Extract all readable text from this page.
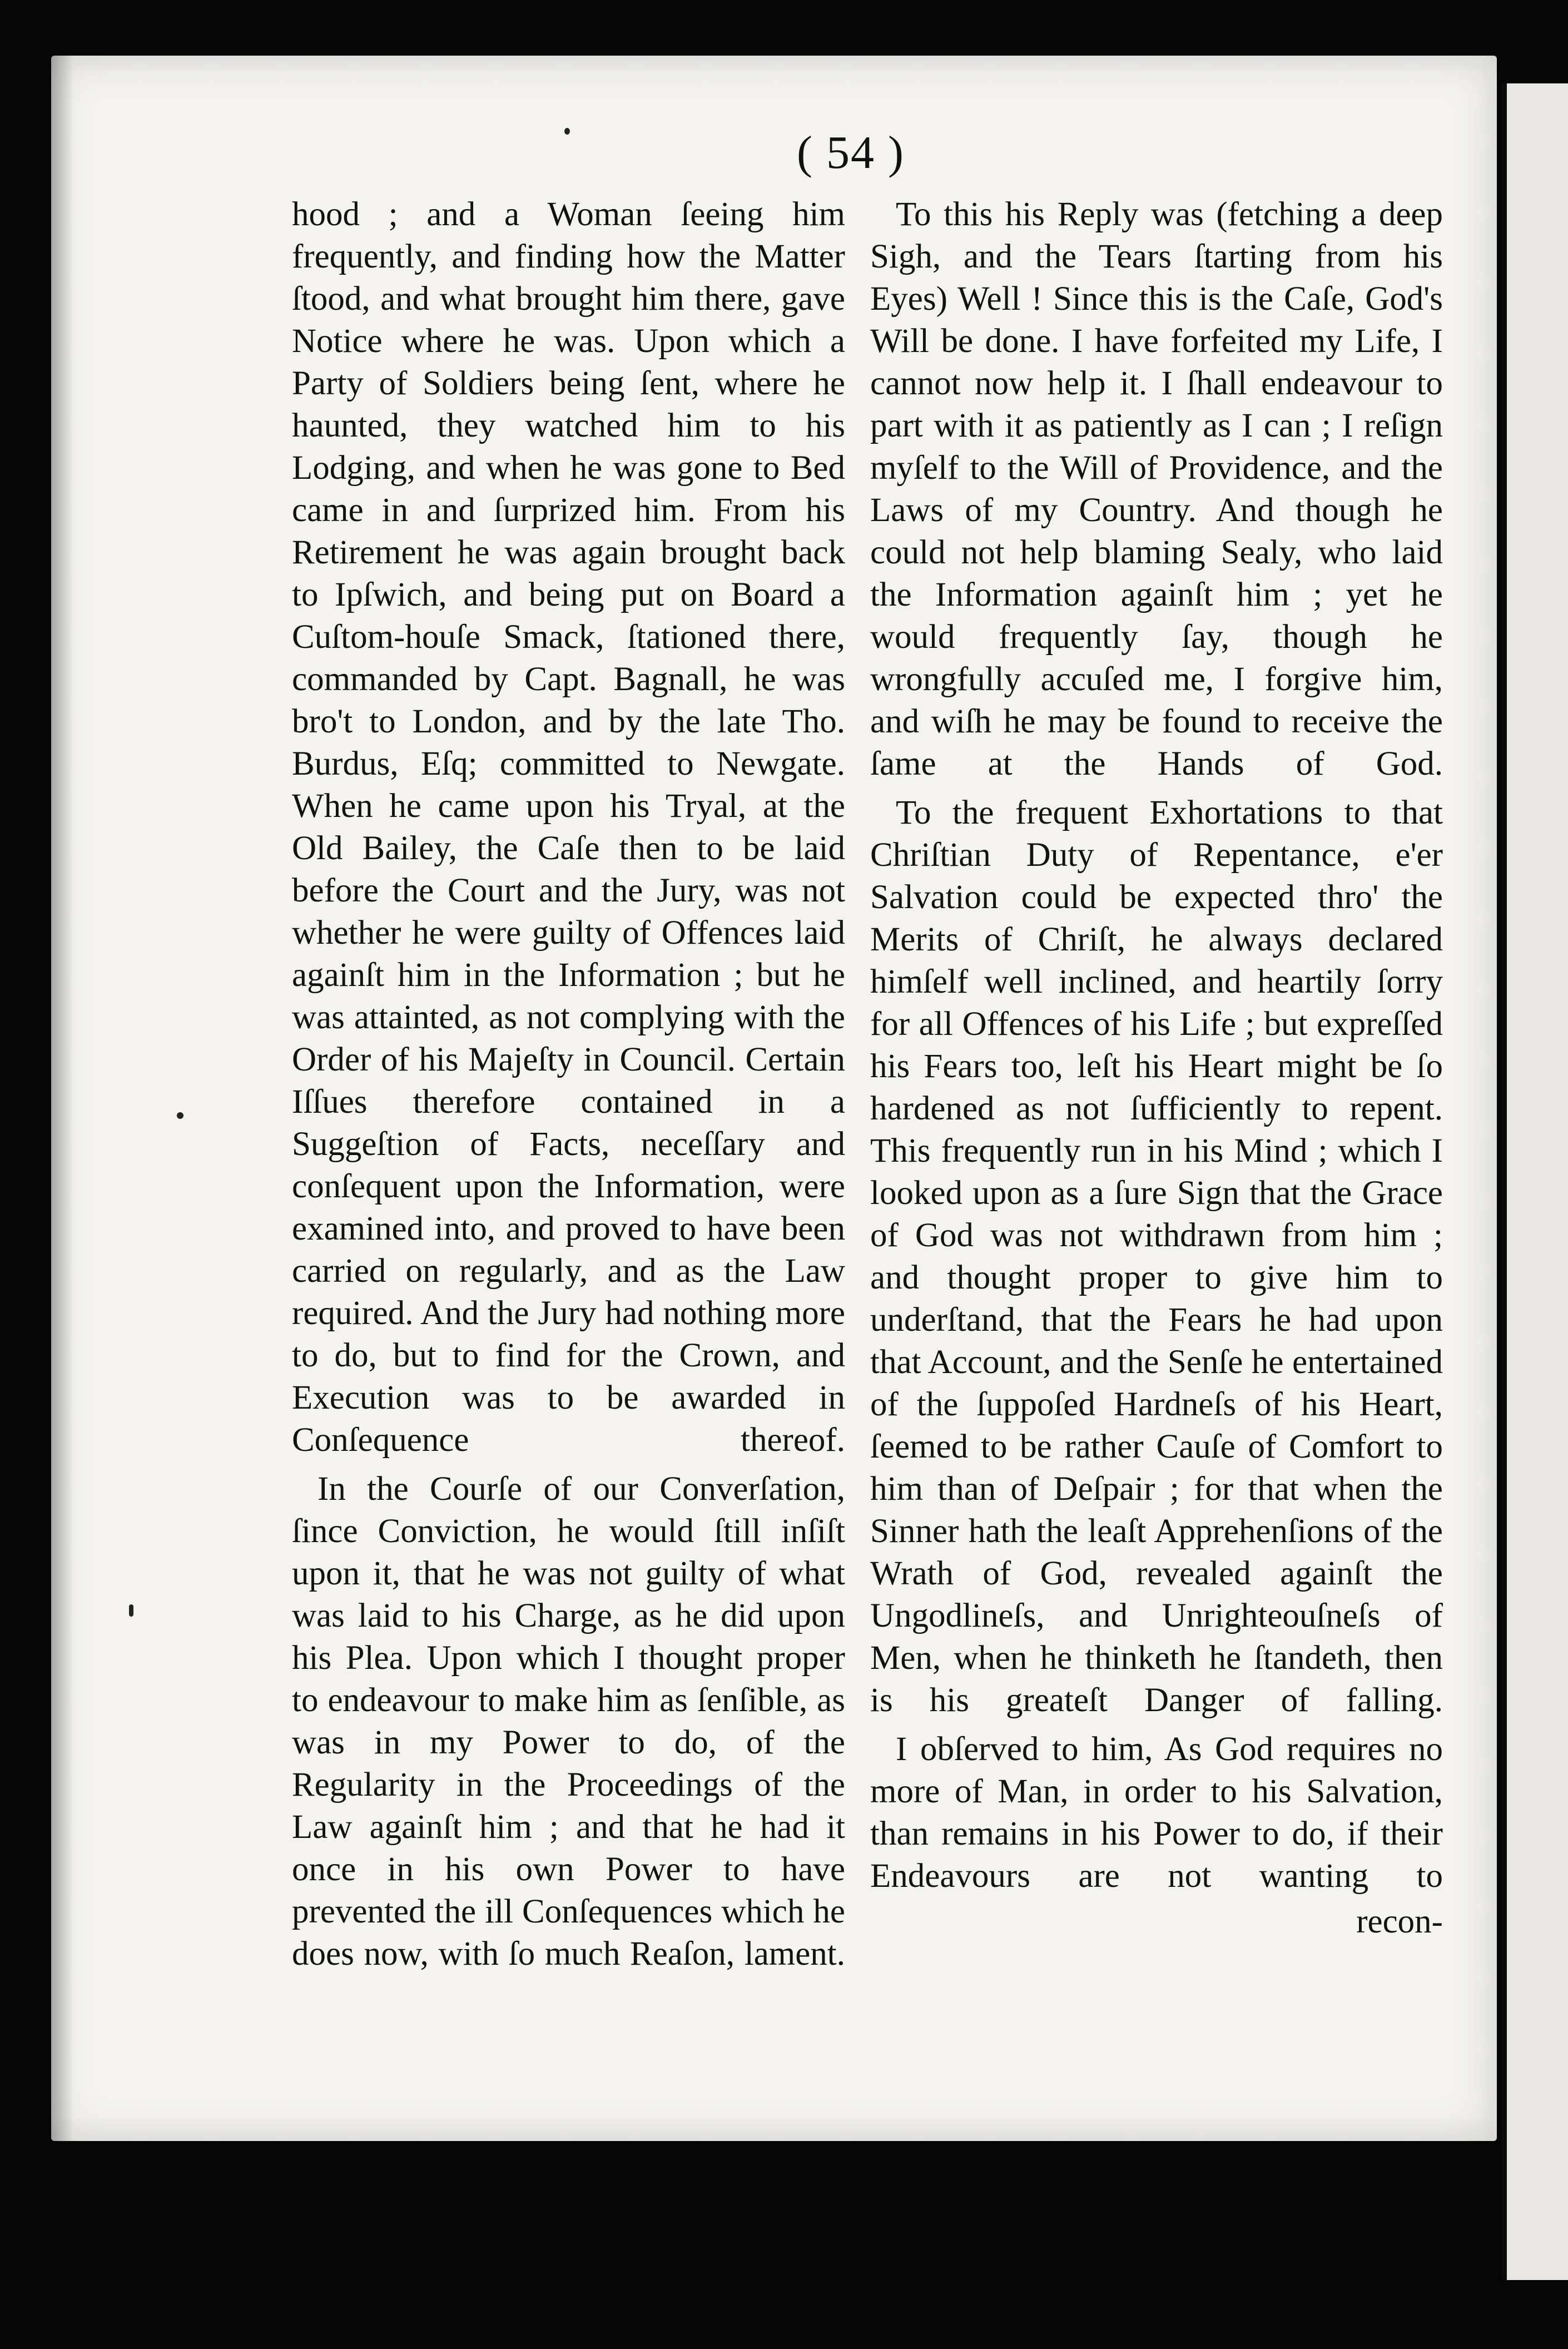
( 54 )

hood ; and a Woman ſeeing him frequently, and finding how the Matter ſtood, and what brought him there, gave Notice where he was. Upon which a Party of Soldiers being ſent, where he haunted, they watched him to his Lodging, and when he was gone to Bed came in and ſurprized him. From his Retirement he was again brought back to Ipſwich, and being put on Board a Cuſtom-houſe Smack, ſtationed there, commanded by Capt. Bagnall, he was bro't to London, and by the late Tho. Burdus, Eſq; committed to Newgate. When he came upon his Tryal, at the Old Bailey, the Caſe then to be laid before the Court and the Jury, was not whether he were guilty of Offences laid againſt him in the Information ; but he was attainted, as not complying with the Order of his Majeſty in Council. Certain Iſſues therefore contained in a Suggeſtion of Facts, neceſſary and conſequent upon the Information, were examined into, and proved to have been carried on regularly, and as the Law required. And the Jury had nothing more to do, but to find for the Crown, and Execution was to be awarded in Conſequence thereof.

In the Courſe of our Converſation, ſince Conviction, he would ſtill inſiſt upon it, that he was not guilty of what was laid to his Charge, as he did upon his Plea. Upon which I thought proper to endeavour to make him as ſenſible, as was in my Power to do, of the Regularity in the Proceedings of the Law againſt him ; and that he had it once in his own Power to have prevented the ill Conſequences which he does now, with ſo much Reaſon, lament.

To this his Reply was (fetching a deep Sigh, and the Tears ſtarting from his Eyes) Well ! Since this is the Caſe, God's Will be done. I have forfeited my Life, I cannot now help it. I ſhall endeavour to part with it as patiently as I can ; I reſign myſelf to the Will of Providence, and the Laws of my Country. And though he could not help blaming Sealy, who laid the Information againſt him ; yet he would frequently ſay, though he wrongfully accuſed me, I forgive him, and wiſh he may be found to receive the ſame at the Hands of God.

To the frequent Exhortations to that Chriſtian Duty of Repentance, e'er Salvation could be expected thro' the Merits of Chriſt, he always declared himſelf well inclined, and heartily ſorry for all Offences of his Life ; but expreſſed his Fears too, leſt his Heart might be ſo hardened as not ſufficiently to repent. This frequently run in his Mind ; which I looked upon as a ſure Sign that the Grace of God was not withdrawn from him ; and thought proper to give him to underſtand, that the Fears he had upon that Account, and the Senſe he entertained of the ſuppoſed Hardneſs of his Heart, ſeemed to be rather Cauſe of Comfort to him than of Deſpair ; for that when the Sinner hath the leaſt Apprehenſions of the Wrath of God, revealed againſt the Ungodlineſs, and Unrighteouſneſs of Men, when he thinketh he ſtandeth, then is his greateſt Danger of falling.

I obſerved to him, As God requires no more of Man, in order to his Salvation, than remains in his Power to do, if their Endeavours are not wanting to

recon-
